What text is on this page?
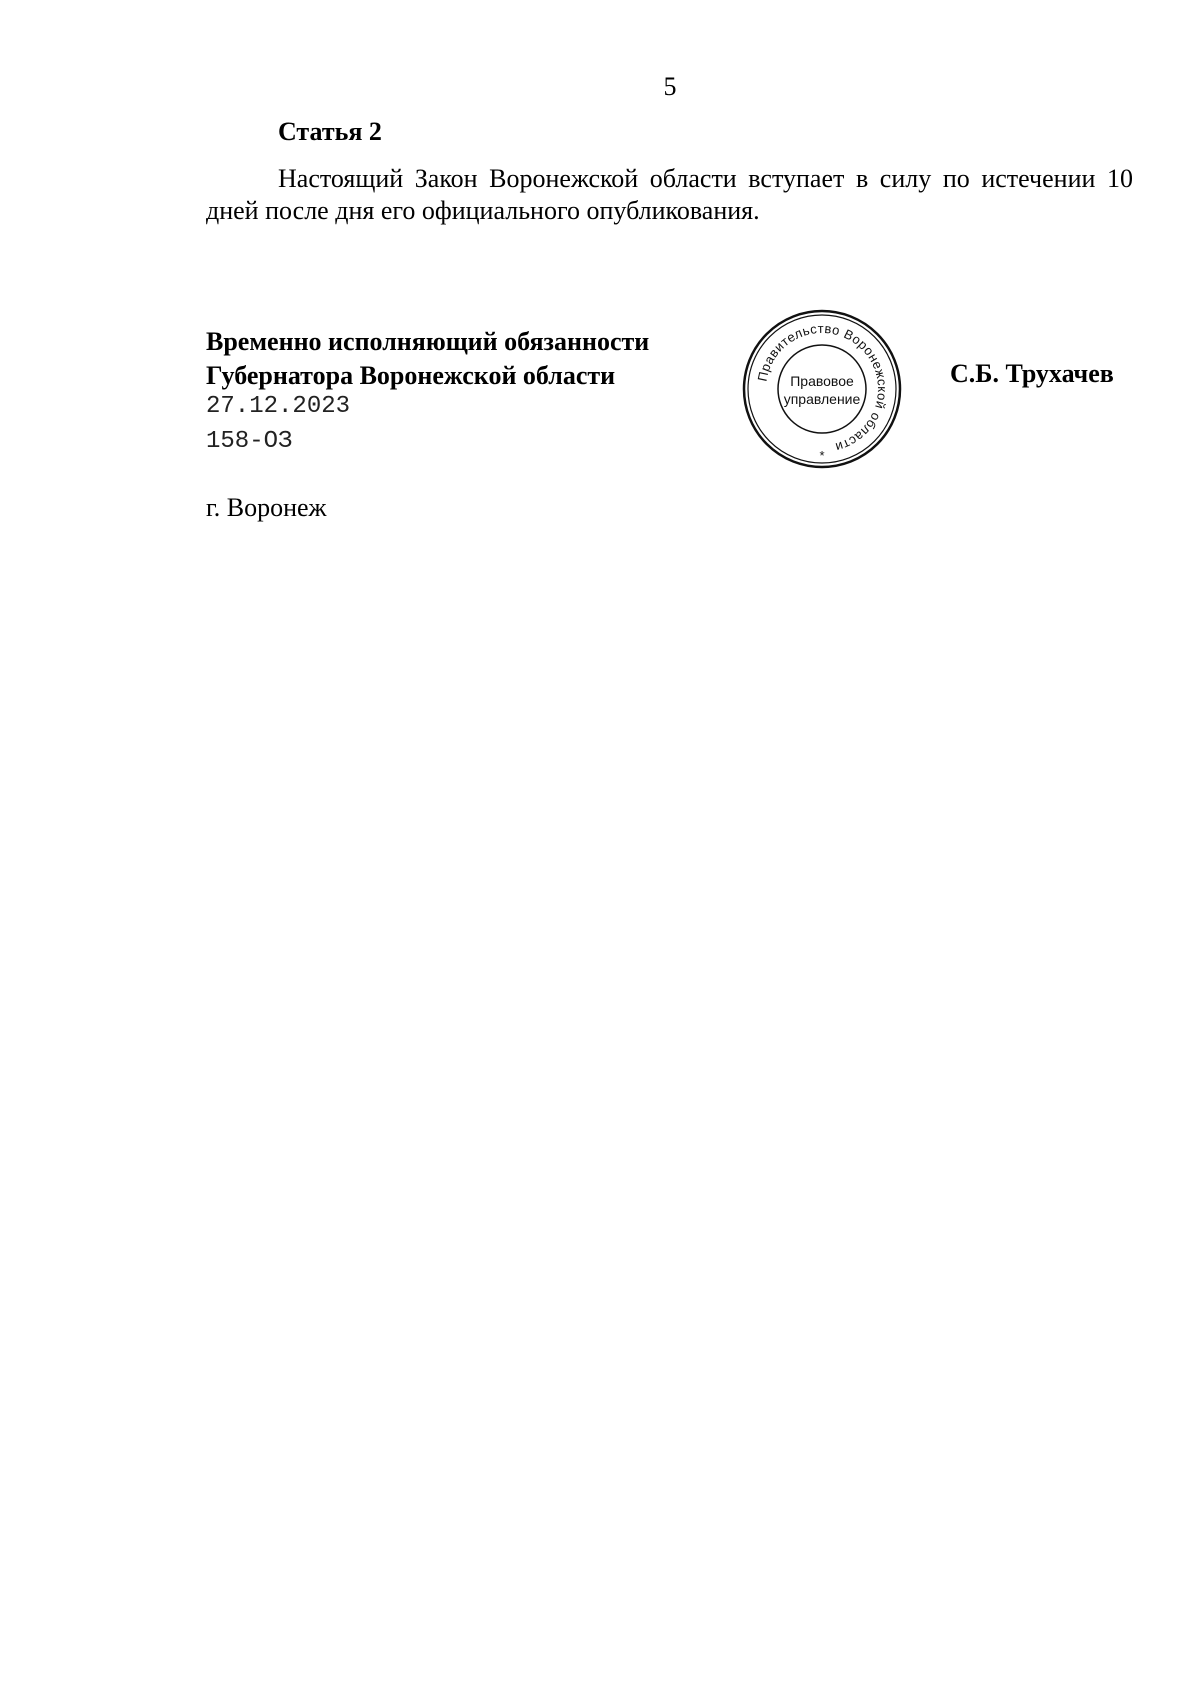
5
Статья 2
Настоящий Закон Воронежской области вступает в силу по истечении 10 дней после дня его официального опубликования.
Временно исполняющий обязанности
Губернатора Воронежской области
27.12.2023
158-ОЗ
Правительство Воронежской области
Правовое
управление
*
С.Б. Трухачев
г. Воронеж
